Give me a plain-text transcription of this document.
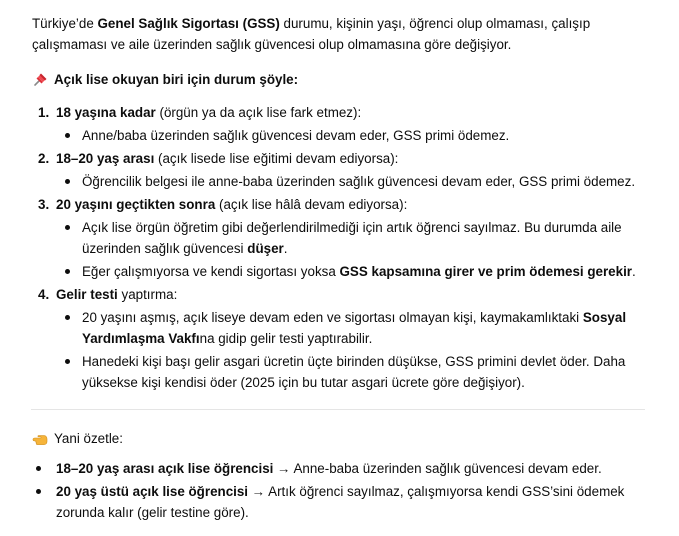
Türkiye’de Genel Sağlık Sigortası (GSS) durumu, kişinin yaşı, öğrenci olup olmaması, çalışıp çalışmaması ve aile üzerinden sağlık güvencesi olup olmamasına göre değişiyor.

Açık lise okuyan biri için durum şöyle:
1. 18 yaşına kadar (örgün ya da açık lise fark etmez):
Anne/baba üzerinden sağlık güvencesi devam eder, GSS primi ödemez.
2. 18–20 yaş arası (açık lisede lise eğitimi devam ediyorsa):
Öğrencilik belgesi ile anne-baba üzerinden sağlık güvencesi devam eder, GSS primi ödemez.
3. 20 yaşını geçtikten sonra (açık lise hâlâ devam ediyorsa):
Açık lise örgün öğretim gibi değerlendirilmediği için artık öğrenci sayılmaz. Bu durumda aile üzerinden sağlık güvencesi düşer.
Eğer çalışmıyorsa ve kendi sigortası yoksa GSS kapsamına girer ve prim ödemesi gerekir.
4. Gelir testi yaptırma:
20 yaşını aşmış, açık liseye devam eden ve sigortası olmayan kişi, kaymakamlıktaki Sosyal Yardımlaşma Vakfına gidip gelir testi yaptırabilir.
Hanedeki kişi başı gelir asgari ücretin üçte birinden düşükse, GSS primini devlet öder. Daha yüksekse kişi kendisi öder (2025 için bu tutar asgari ücrete göre değişiyor).
Yani özetle:
18–20 yaş arası açık lise öğrencisi → Anne-baba üzerinden sağlık güvencesi devam eder.
20 yaş üstü açık lise öğrencisi → Artık öğrenci sayılmaz, çalışmıyorsa kendi GSS’sini ödemek zorunda kalır (gelir testine göre).
